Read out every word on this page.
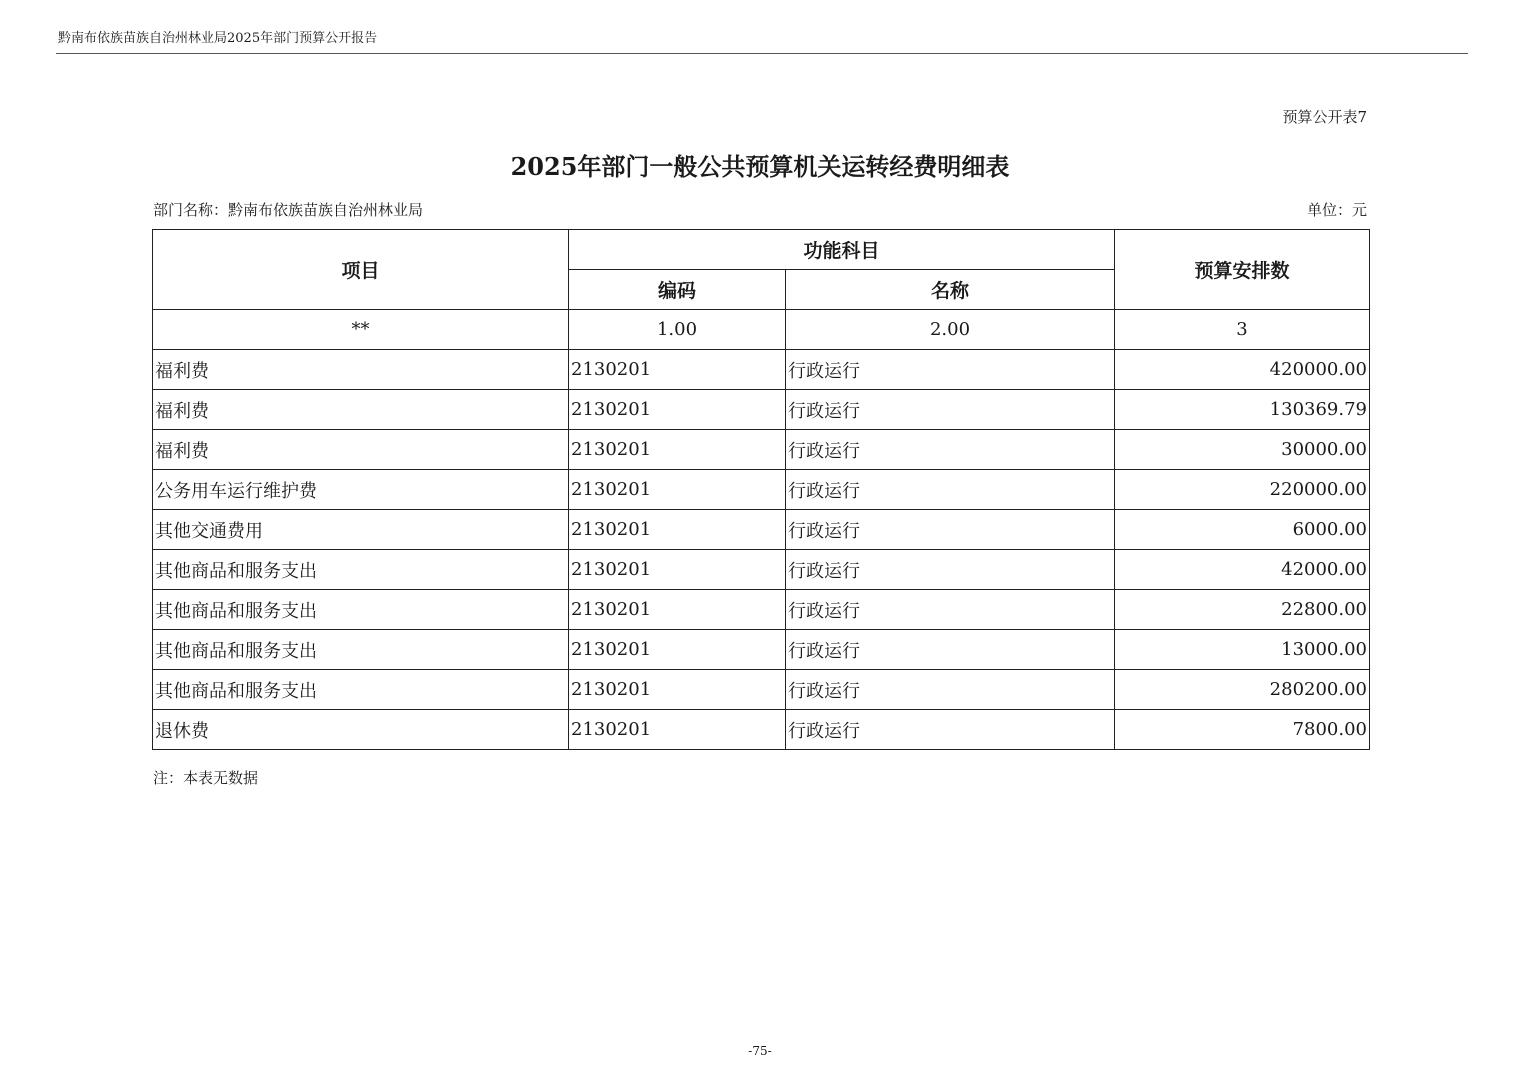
黔南布依族苗族自治州林业局2025年部门预算公开报告
预算公开表7
2025年部门一般公共预算机关运转经费明细表
部门名称：黔南布依族苗族自治州林业局	单位：元
项目	功能科目		预算安排数
	编码	名称	
**	1.00	2.00	3
福利费	2130201	行政运行	420000.00
福利费	2130201	行政运行	130369.79
福利费	2130201	行政运行	30000.00
公务用车运行维护费	2130201	行政运行	220000.00
其他交通费用	2130201	行政运行	6000.00
其他商品和服务支出	2130201	行政运行	42000.00
其他商品和服务支出	2130201	行政运行	22800.00
其他商品和服务支出	2130201	行政运行	13000.00
其他商品和服务支出	2130201	行政运行	280200.00
退休费	2130201	行政运行	7800.00
注：本表无数据
-75-
